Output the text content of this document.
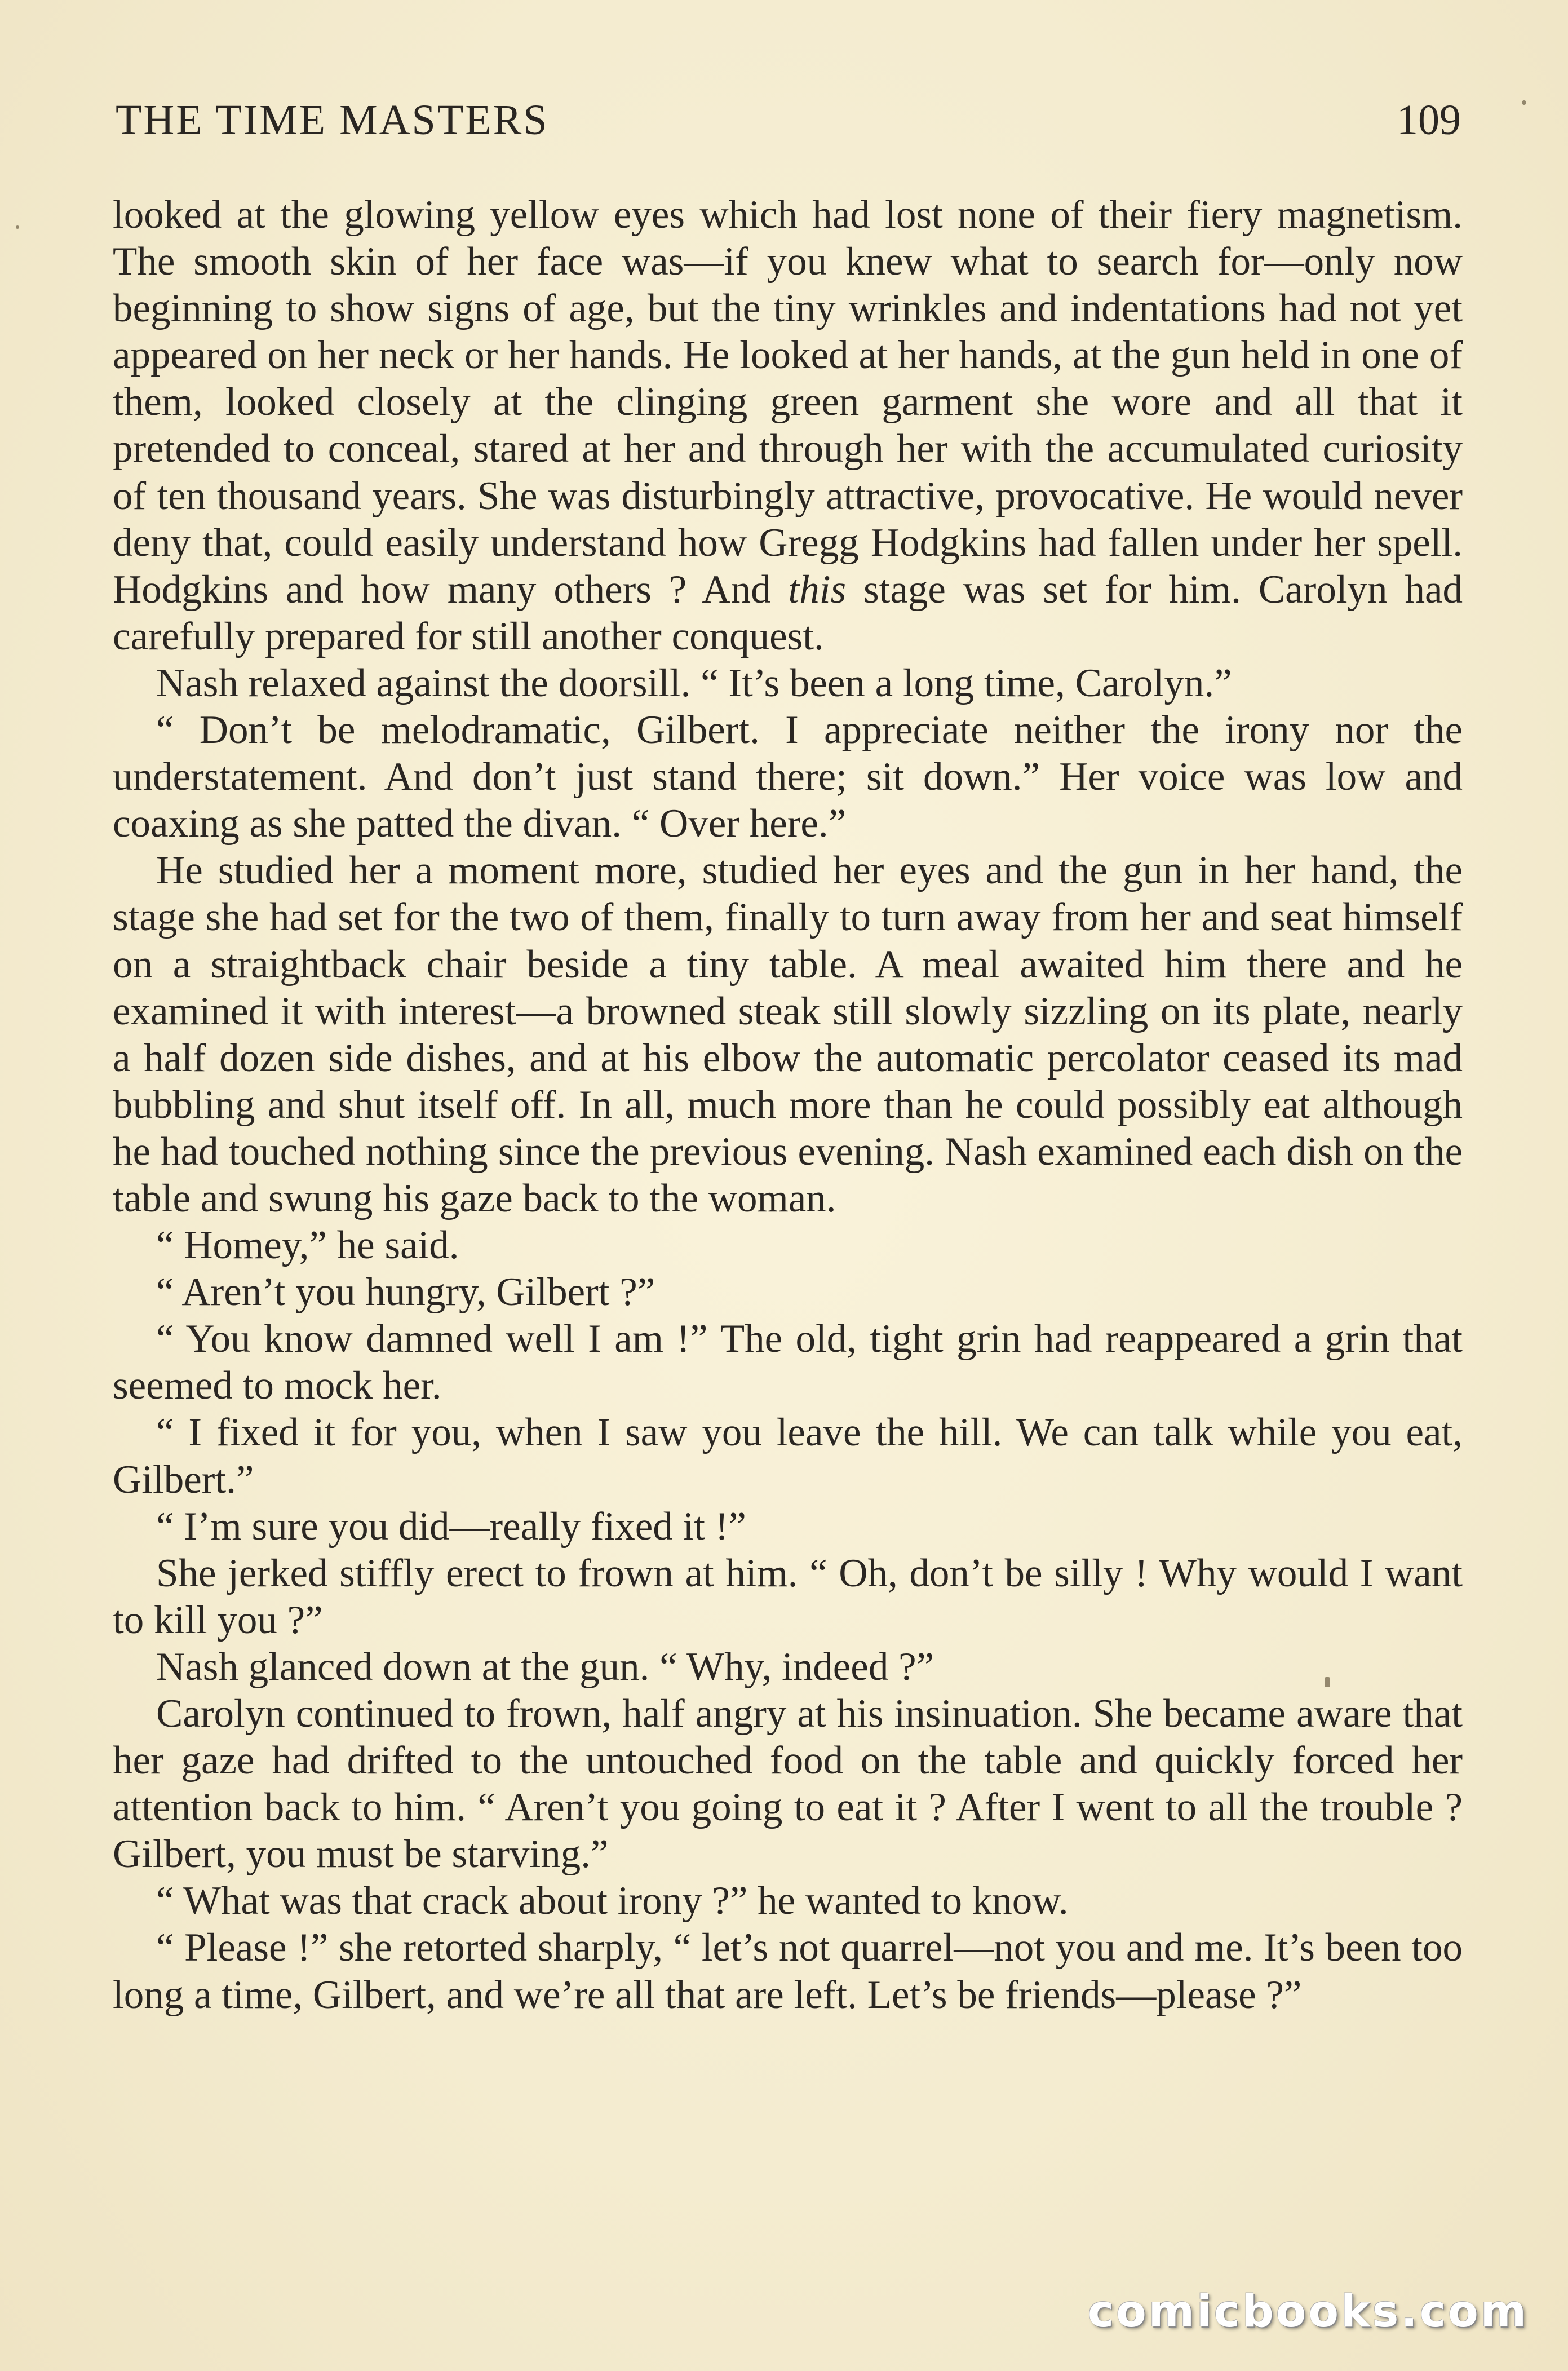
THE TIME MASTERS	109

looked at the glowing yellow eyes which had lost none of their fiery magnetism. The smooth skin of her face was—if you knew what to search for—only now beginning to show signs of age, but the tiny wrinkles and indentations had not yet appeared on her neck or her hands. He looked at her hands, at the gun held in one of them, looked closely at the clinging green garment she wore and all that it pretended to conceal, stared at her and through her with the accumulated curiosity of ten thousand years. She was disturbingly attractive, provocative. He would never deny that, could easily understand how Gregg Hodgkins had fallen under her spell. Hodgkins and how many others ? And this stage was set for him. Carolyn had carefully prepared for still another conquest.

Nash relaxed against the doorsill. “ It’s been a long time, Carolyn.”

“ Don’t be melodramatic, Gilbert. I appreciate neither the irony nor the understatement. And don’t just stand there; sit down.” Her voice was low and coaxing as she patted the divan. “ Over here.”

He studied her a moment more, studied her eyes and the gun in her hand, the stage she had set for the two of them, finally to turn away from her and seat himself on a straightback chair beside a tiny table. A meal awaited him there and he examined it with interest—a browned steak still slowly sizzling on its plate, nearly a half dozen side dishes, and at his elbow the automatic percolator ceased its mad bubbling and shut itself off. In all, much more than he could possibly eat although he had touched nothing since the previous evening. Nash examined each dish on the table and swung his gaze back to the woman.

“ Homey,” he said.

“ Aren’t you hungry, Gilbert ?”

“ You know damned well I am !” The old, tight grin had reappeared a grin that seemed to mock her.

“ I fixed it for you, when I saw you leave the hill. We can talk while you eat, Gilbert.”

“ I’m sure you did—really fixed it !”

She jerked stiffly erect to frown at him. “ Oh, don’t be silly ! Why would I want to kill you ?”

Nash glanced down at the gun. “ Why, indeed ?”

Carolyn continued to frown, half angry at his insinuation. She became aware that her gaze had drifted to the untouched food on the table and quickly forced her attention back to him. “ Aren’t you going to eat it ? After I went to all the trouble ? Gilbert, you must be starving.”

“ What was that crack about irony ?” he wanted to know.

“ Please !” she retorted sharply, “ let’s not quarrel—not you and me. It’s been too long a time, Gilbert, and we’re all that are left. Let’s be friends—please ?”

comicbooks.com
